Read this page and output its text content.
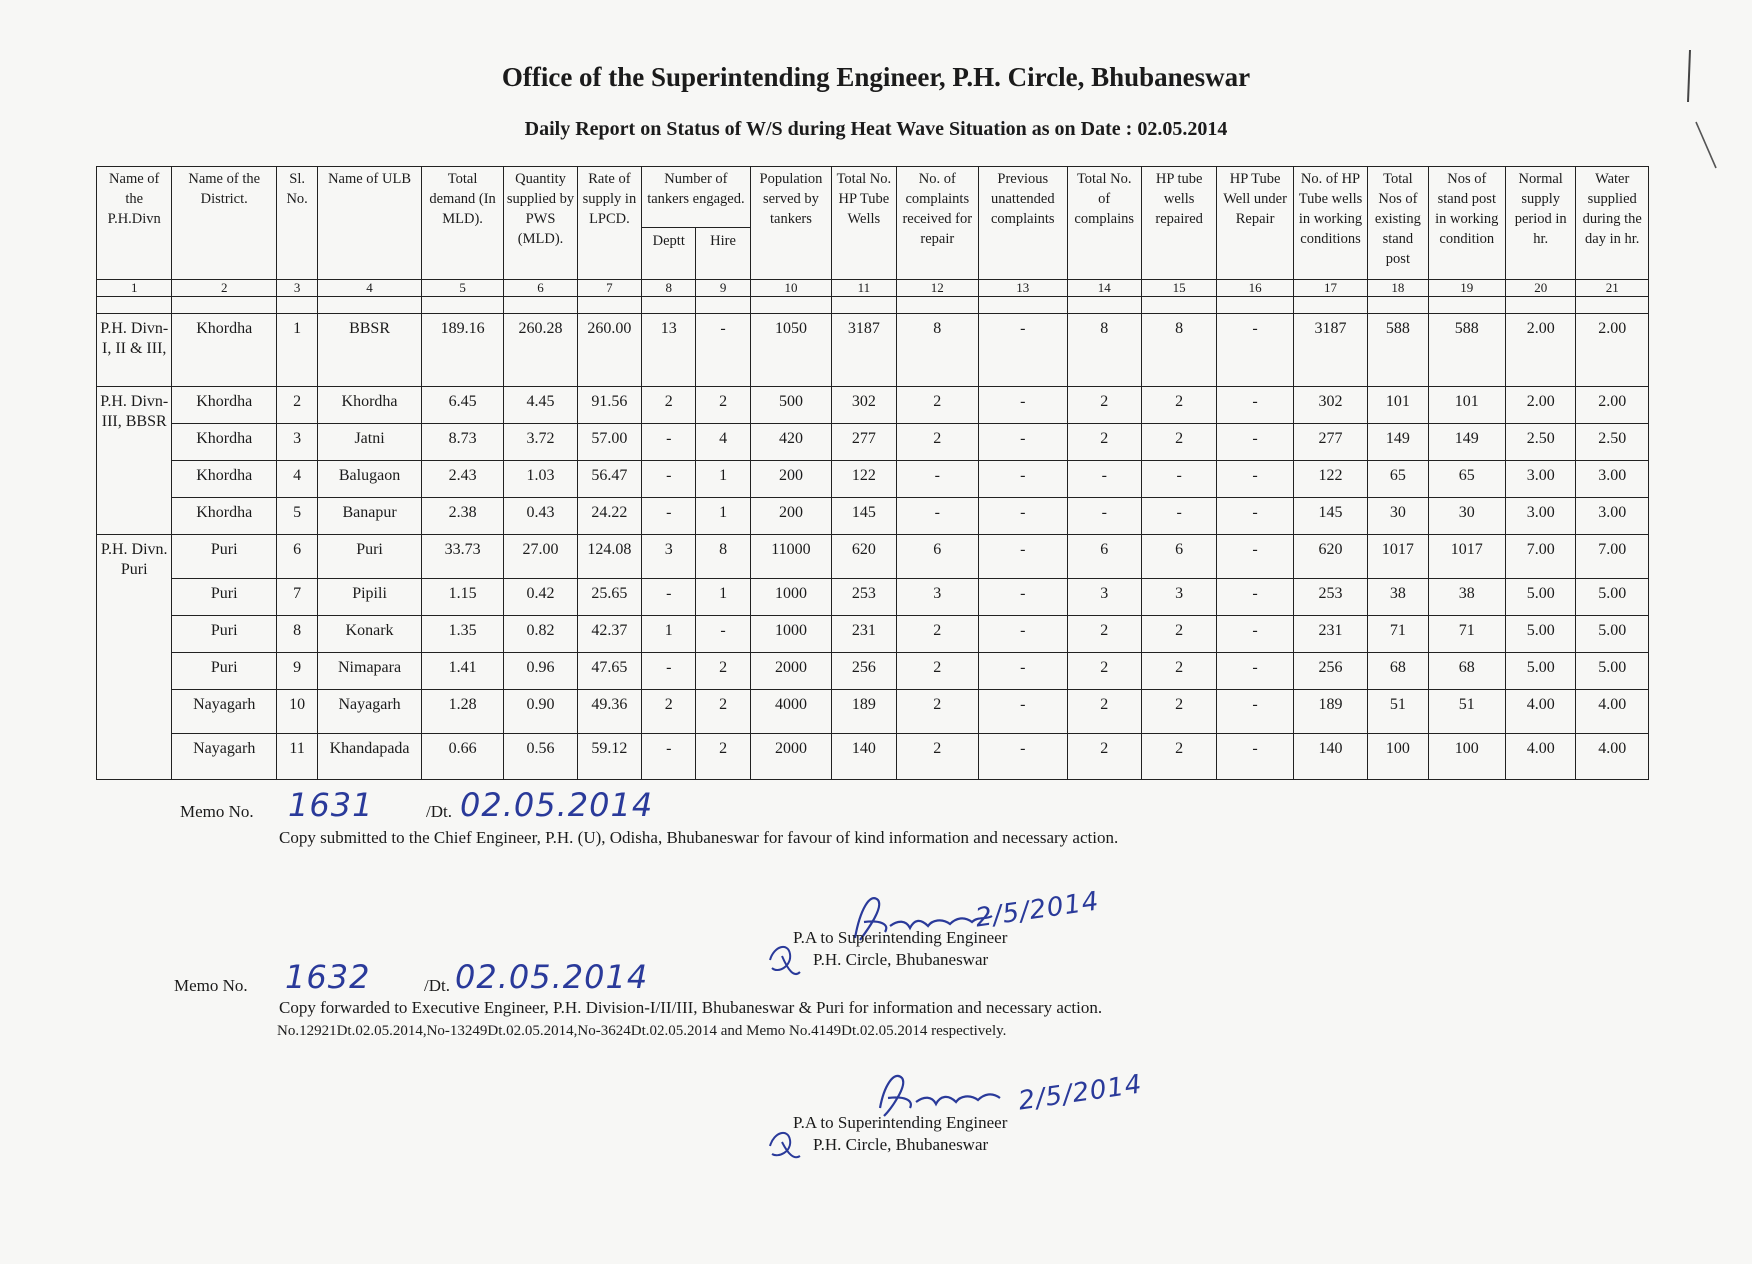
Office of the Superintending Engineer, P.H. Circle, Bhubaneswar
Daily Report on Status of W/S during Heat Wave Situation as on Date : 02.05.2014
Name of the P.H.Divn	Name of the District.	Sl. No.	Name of ULB	Total demand (In MLD).	Quantity supplied by PWS (MLD).	Rate of supply in LPCD.	Number of tankers engaged.		Population served by tankers	Total No. HP Tube Wells	No. of complaints received for repair	Previous unattended complaints	Total No. of complains	HP tube wells repaired	HP Tube Well under Repair	No. of HP Tube wells in working conditions	Total Nos of existing stand post	Nos of stand post in working condition	Normal supply period in hr.	Water supplied during the day in hr.
							Deptt	Hire												
1	2	3	4	5	6	7	8	9	10	11	12	13	14	15	16	17	18	19	20	21

P.H. Divn-I, II & III,	Khordha	1	BBSR	189.16	260.28	260.00	13	-	1050	3187	8	-	8	8	-	3187	588	588	2.00	2.00
P.H. Divn-III, BBSR	Khordha	2	Khordha	6.45	4.45	91.56	2	2	500	302	2	-	2	2	-	302	101	101	2.00	2.00
	Khordha	3	Jatni	8.73	3.72	57.00	-	4	420	277	2	-	2	2	-	277	149	149	2.50	2.50
	Khordha	4	Balugaon	2.43	1.03	56.47	-	1	200	122	-	-	-	-	-	122	65	65	3.00	3.00
	Khordha	5	Banapur	2.38	0.43	24.22	-	1	200	145	-	-	-	-	-	145	30	30	3.00	3.00
P.H. Divn. Puri	Puri	6	Puri	33.73	27.00	124.08	3	8	11000	620	6	-	6	6	-	620	1017	1017	7.00	7.00
	Puri	7	Pipili	1.15	0.42	25.65	-	1	1000	253	3	-	3	3	-	253	38	38	5.00	5.00
	Puri	8	Konark	1.35	0.82	42.37	1	-	1000	231	2	-	2	2	-	231	71	71	5.00	5.00
	Puri	9	Nimapara	1.41	0.96	47.65	-	2	2000	256	2	-	2	2	-	256	68	68	5.00	5.00
	Nayagarh	10	Nayagarh	1.28	0.90	49.36	2	2	4000	189	2	-	2	2	-	189	51	51	4.00	4.00
	Nayagarh	11	Khandapada	0.66	0.56	59.12	-	2	2000	140	2	-	2	2	-	140	100	100	4.00	4.00
Memo No. 1631	/Dt. 02.05.2014
Copy submitted to the Chief Engineer, P.H. (U), Odisha, Bhubaneswar for favour of kind information and necessary action.
2/5/2014
P.A to Superintending Engineer
P.H. Circle, Bhubaneswar
Memo No. 1632	/Dt. 02.05.2014
Copy forwarded to Executive Engineer, P.H. Division-I/II/III, Bhubaneswar & Puri for information and necessary action.
No.12921Dt.02.05.2014,No-13249Dt.02.05.2014,No-3624Dt.02.05.2014 and Memo No.4149Dt.02.05.2014 respectively.
2/5/2014
P.A to Superintending Engineer
P.H. Circle, Bhubaneswar
